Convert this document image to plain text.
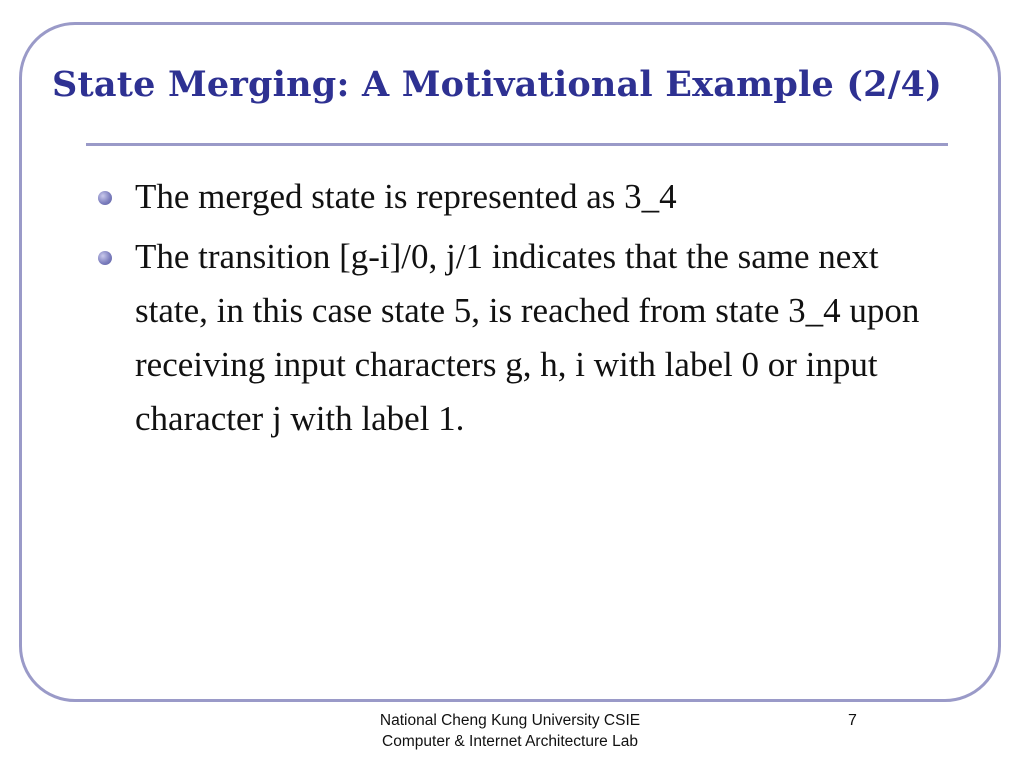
State Merging: A Motivational Example (2/4)
The merged state is represented as 3_4
The transition [g-i]/0, j/1 indicates that the same next state, in this case state 5, is reached from state 3_4 upon receiving input characters g, h, i with label 0 or input character j with label 1.
National Cheng Kung University CSIE
Computer & Internet Architecture Lab
7
